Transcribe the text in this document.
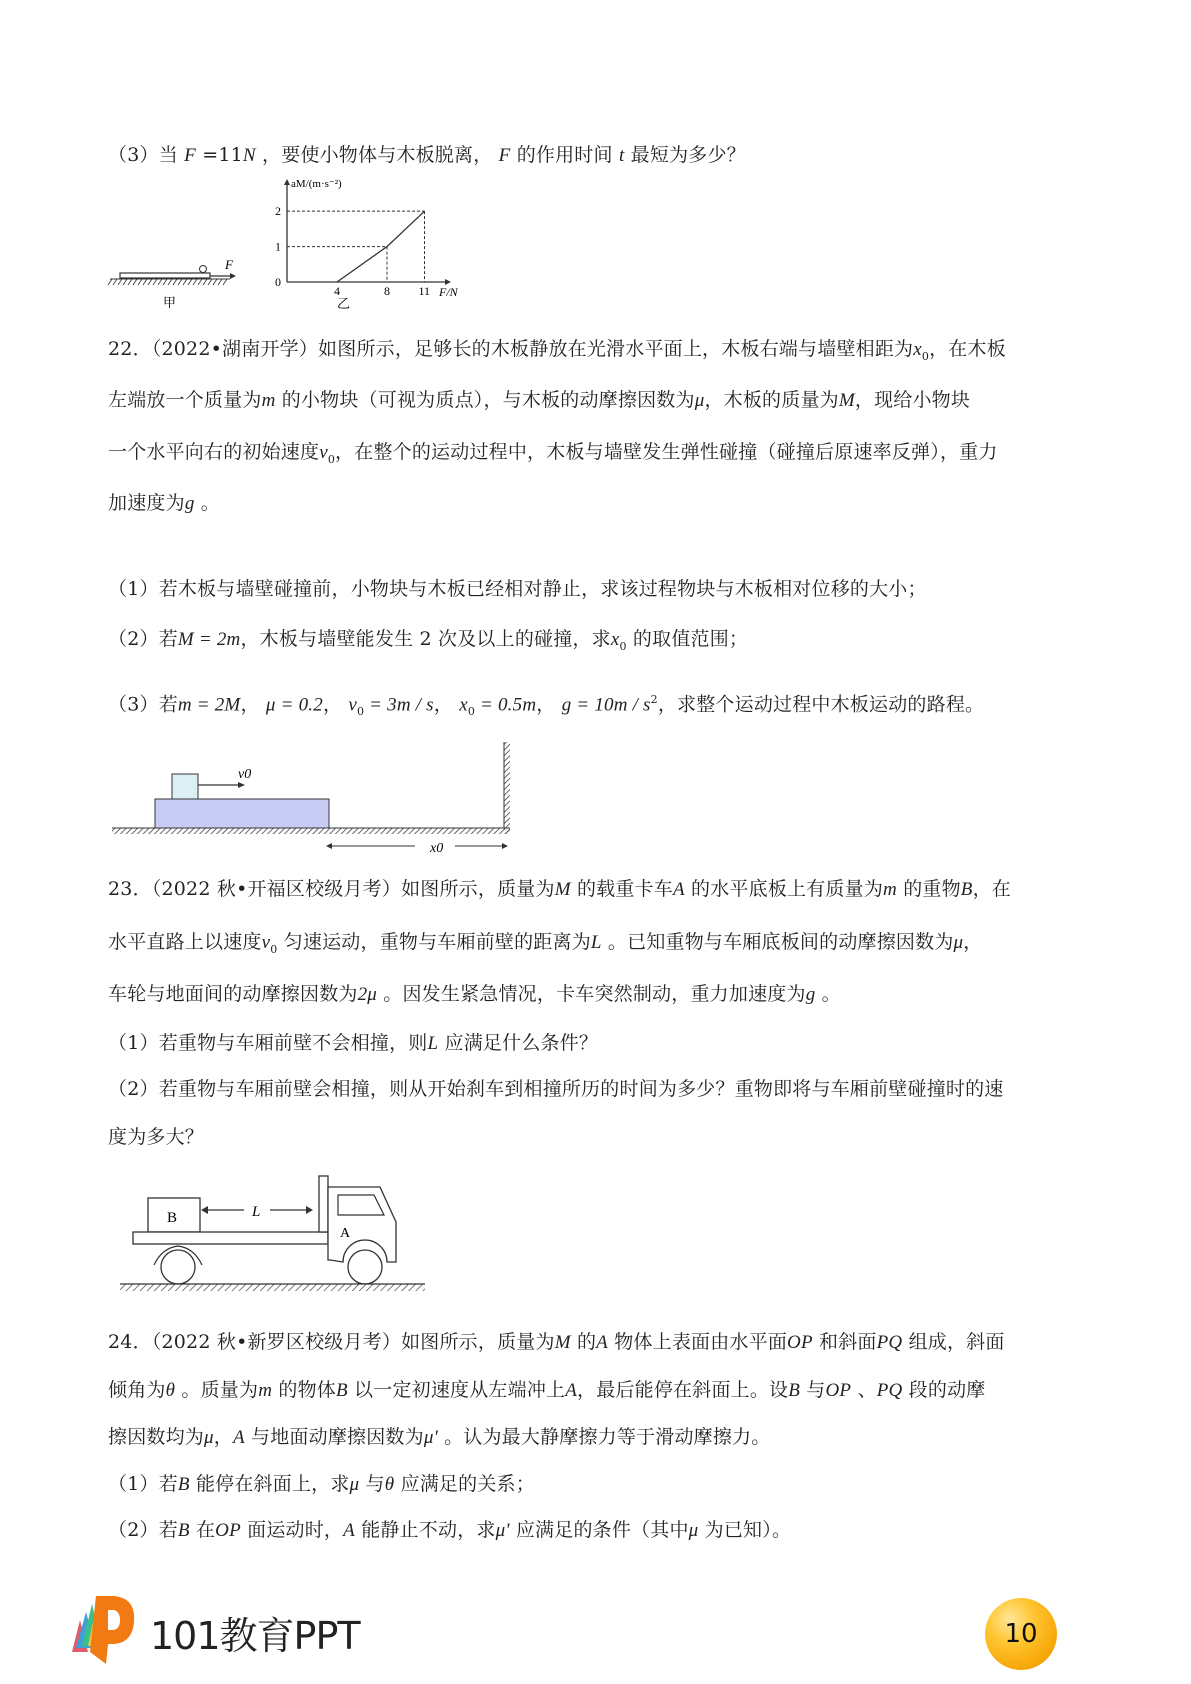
（3）当 F =11N ，要使小物体与木板脱离， F 的作用时间 t 最短为多少？
F
甲
4	8 11
0
1
2
F/N
aM/(m·s⁻²)
乙
22．（2022•湖南开学）如图所示，足够长的木板静放在光滑水平面上，木板右端与墙壁相距为$x_0$，在木板
左端放一个质量为m 的小物块（可视为质点），与木板的动摩擦因数为μ，木板的质量为M，现给小物块
一个水平向右的初始速度$v_0$，在整个的运动过程中，木板与墙壁发生弹性碰撞（碰撞后原速率反弹），重力
加速度为g 。
（1）若木板与墙壁碰撞前，小物块与木板已经相对静止，求该过程物块与木板相对位移的大小；
（2）若M = 2m，木板与墙壁能发生 2 次及以上的碰撞，求$x_0$ 的取值范围；
（3）若m = 2M， μ = 0.2， $v_0 = 3m / s$， $x_0 = 0.5m$， $g = 10m / s^2$，求整个运动过程中木板运动的路程。
v0
x0
23．（2022 秋•开福区校级月考）如图所示，质量为M 的载重卡车A 的水平底板上有质量为m 的重物B，在
水平直路上以速度$v_0$ 匀速运动，重物与车厢前壁的距离为L 。已知重物与车厢底板间的动摩擦因数为μ，
车轮与地面间的动摩擦因数为2μ 。因发生紧急情况，卡车突然制动，重力加速度为g 。
（1）若重物与车厢前壁不会相撞，则L 应满足什么条件？
（2）若重物与车厢前壁会相撞，则从开始刹车到相撞所历的时间为多少？重物即将与车厢前壁碰撞时的速
度为多大？
B	L
A
24．（2022 秋•新罗区校级月考）如图所示，质量为M 的A 物体上表面由水平面OP 和斜面PQ 组成，斜面
倾角为θ 。质量为m 的物体B 以一定初速度从左端冲上A，最后能停在斜面上。设B 与OP 、PQ 段的动摩
擦因数均为μ，A 与地面动摩擦因数为μ' 。认为最大静摩擦力等于滑动摩擦力。
（1）若B 能停在斜面上，求μ 与θ 应满足的关系；
（2）若B 在OP 面运动时，A 能静止不动，求μ' 应满足的条件（其中μ 为已知）。
101教育PPT	10
